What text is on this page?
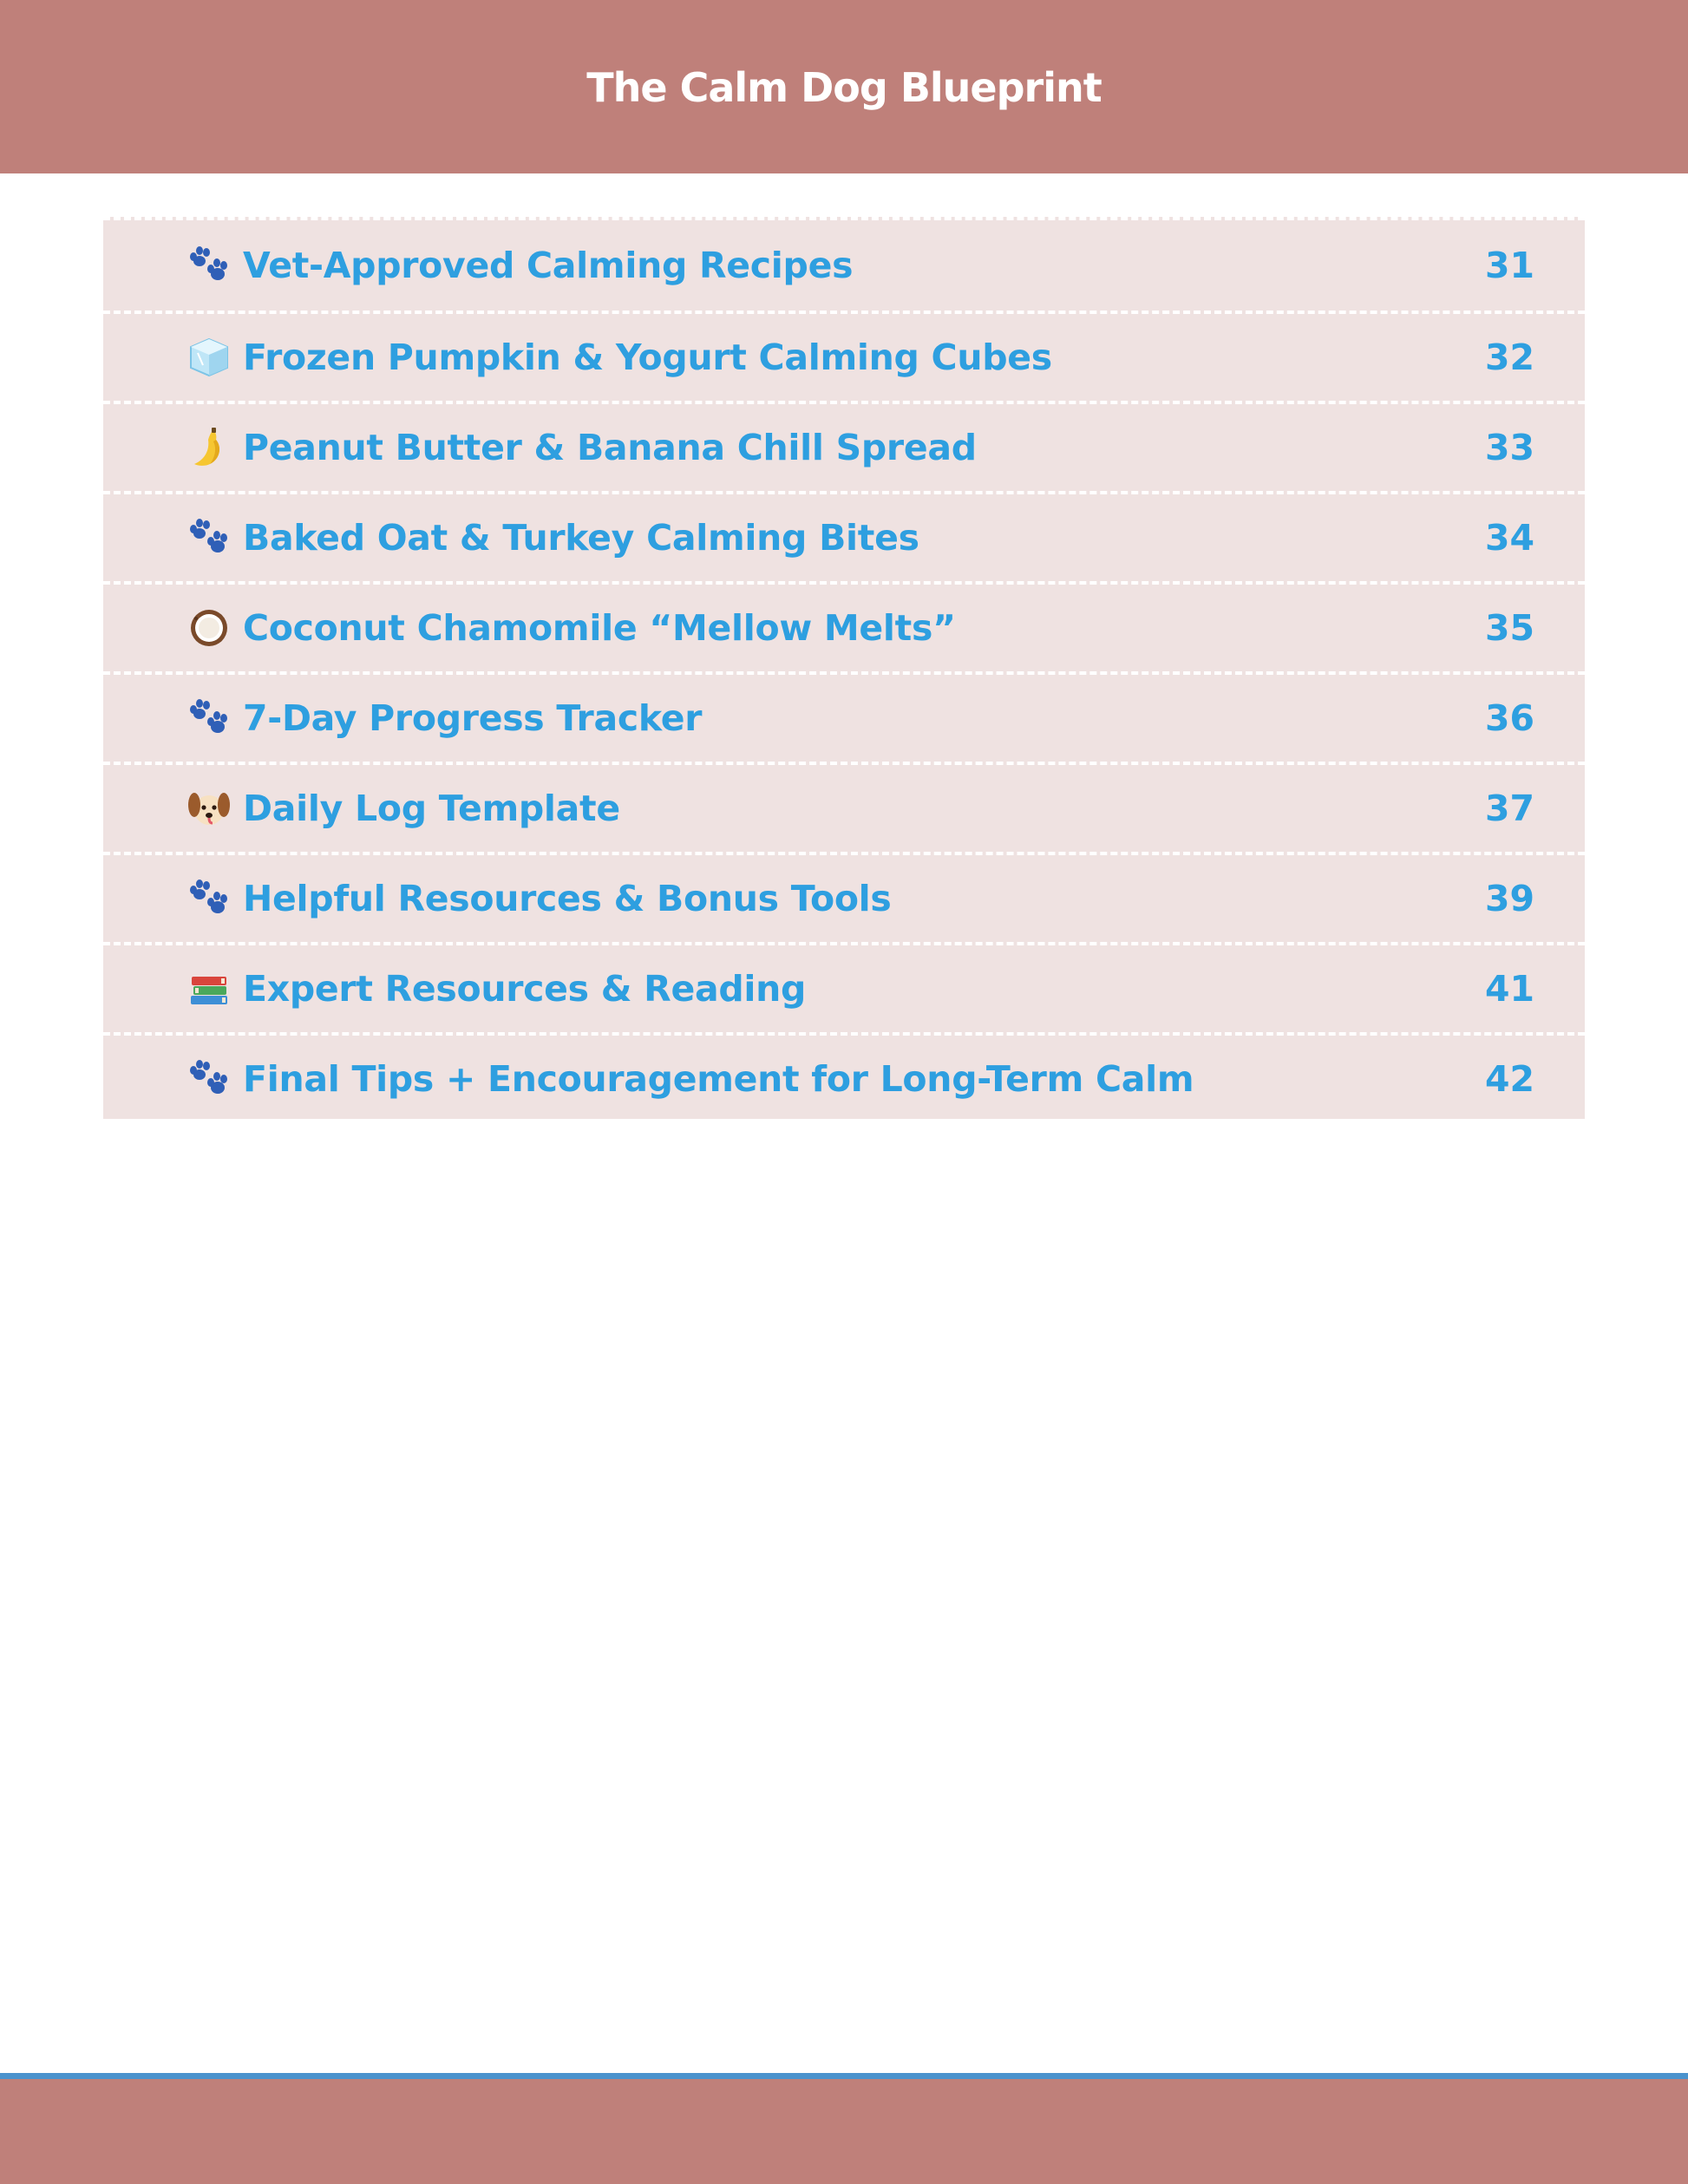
The Calm Dog Blueprint
Vet-Approved Calming Recipes	31
Frozen Pumpkin & Yogurt Calming Cubes	32
Peanut Butter & Banana Chill Spread	33
Baked Oat & Turkey Calming Bites	34
Coconut Chamomile “Mellow Melts”	35
7-Day Progress Tracker	36
Daily Log Template	37
Helpful Resources & Bonus Tools	39
Expert Resources & Reading	41
Final Tips + Encouragement for Long-Term Calm	42
